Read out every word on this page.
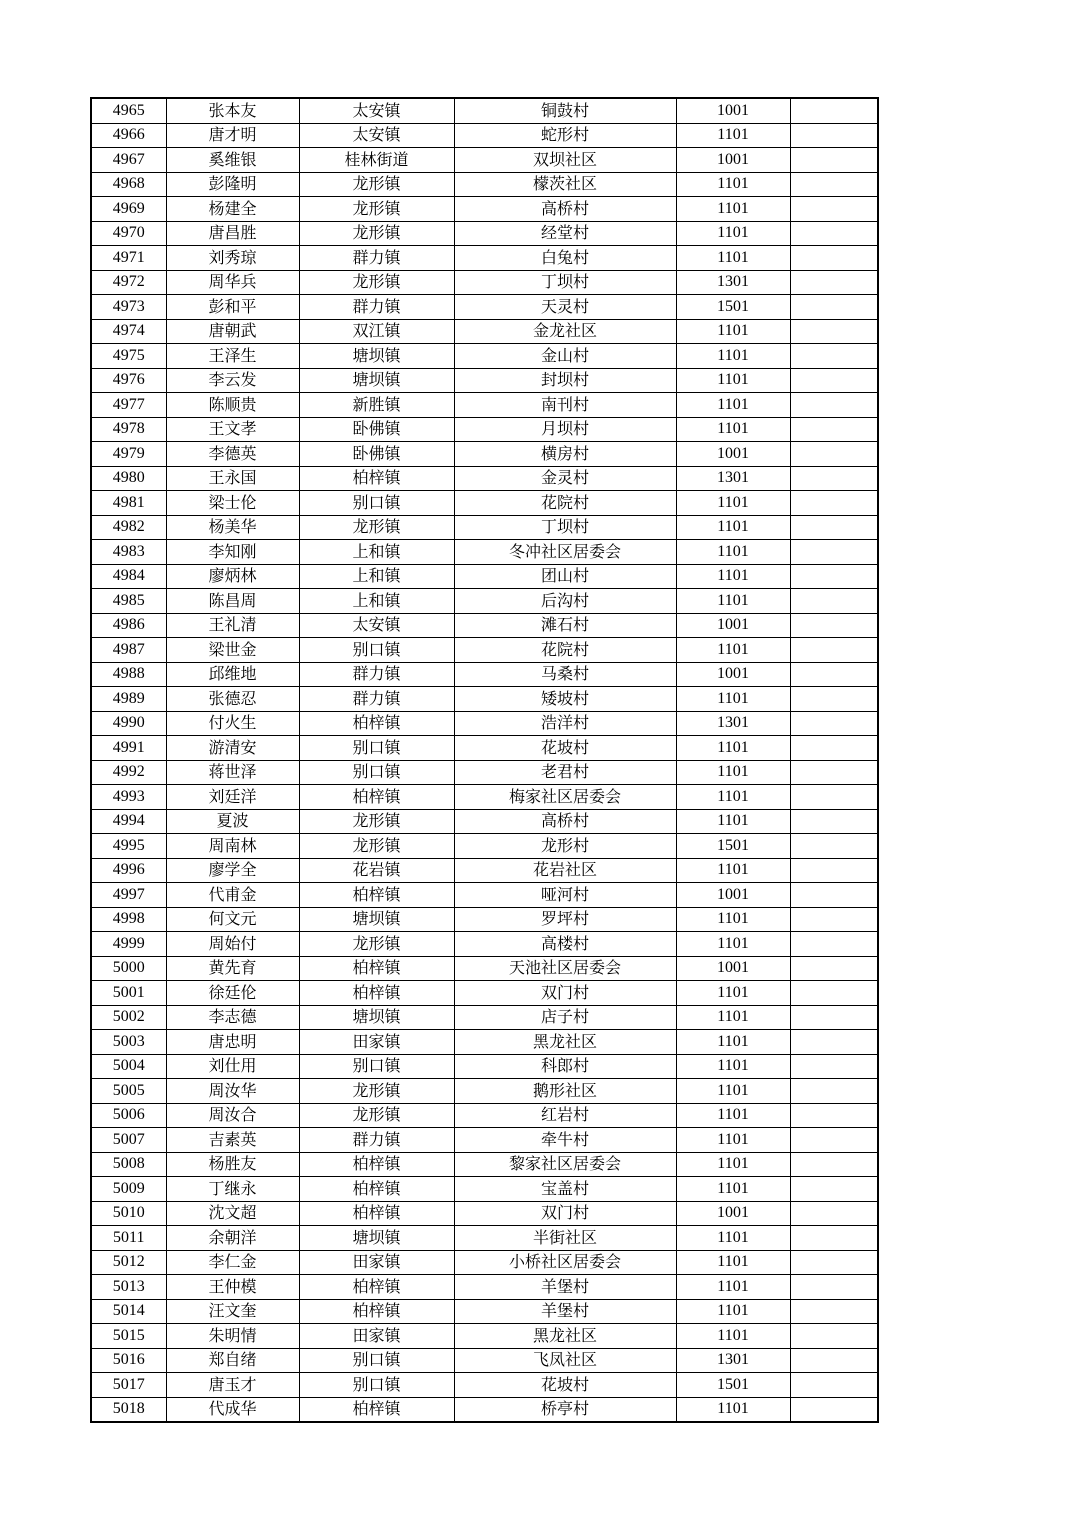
4965	张本友	太安镇	铜鼓村	1001	
4966	唐才明	太安镇	蛇形村	1101	
4967	奚维银	桂林街道	双坝社区	1001	
4968	彭隆明	龙形镇	檬茨社区	1101	
4969	杨建全	龙形镇	高桥村	1101	
4970	唐昌胜	龙形镇	经堂村	1101	
4971	刘秀琼	群力镇	白兔村	1101	
4972	周华兵	龙形镇	丁坝村	1301	
4973	彭和平	群力镇	天灵村	1501	
4974	唐朝武	双江镇	金龙社区	1101	
4975	王泽生	塘坝镇	金山村	1101	
4976	李云发	塘坝镇	封坝村	1101	
4977	陈顺贵	新胜镇	南刊村	1101	
4978	王文孝	卧佛镇	月坝村	1101	
4979	李德英	卧佛镇	横房村	1001	
4980	王永国	柏梓镇	金灵村	1301	
4981	梁士伦	别口镇	花院村	1101	
4982	杨美华	龙形镇	丁坝村	1101	
4983	李知刚	上和镇	冬冲社区居委会	1101	
4984	廖炳林	上和镇	团山村	1101	
4985	陈昌周	上和镇	后沟村	1101	
4986	王礼清	太安镇	滩石村	1001	
4987	梁世金	别口镇	花院村	1101	
4988	邱维地	群力镇	马桑村	1001	
4989	张德忍	群力镇	矮坡村	1101	
4990	付火生	柏梓镇	浩洋村	1301	
4991	游清安	别口镇	花坡村	1101	
4992	蒋世泽	别口镇	老君村	1101	
4993	刘廷洋	柏梓镇	梅家社区居委会	1101	
4994	夏波	龙形镇	高桥村	1101	
4995	周南林	龙形镇	龙形村	1501	
4996	廖学全	花岩镇	花岩社区	1101	
4997	代甫金	柏梓镇	哑河村	1001	
4998	何文元	塘坝镇	罗坪村	1101	
4999	周始付	龙形镇	高楼村	1101	
5000	黄先育	柏梓镇	天池社区居委会	1001	
5001	徐廷伦	柏梓镇	双门村	1101	
5002	李志德	塘坝镇	店子村	1101	
5003	唐忠明	田家镇	黑龙社区	1101	
5004	刘仕用	别口镇	科郎村	1101	
5005	周汝华	龙形镇	鹅形社区	1101	
5006	周汝合	龙形镇	红岩村	1101	
5007	吉素英	群力镇	牵牛村	1101	
5008	杨胜友	柏梓镇	黎家社区居委会	1101	
5009	丁继永	柏梓镇	宝盖村	1101	
5010	沈文超	柏梓镇	双门村	1001	
5011	余朝洋	塘坝镇	半街社区	1101	
5012	李仁金	田家镇	小桥社区居委会	1101	
5013	王仲模	柏梓镇	羊堡村	1101	
5014	汪文奎	柏梓镇	羊堡村	1101	
5015	朱明情	田家镇	黑龙社区	1101	
5016	郑自绪	别口镇	飞凤社区	1301	
5017	唐玉才	别口镇	花坡村	1501	
5018	代成华	柏梓镇	桥亭村	1101	
